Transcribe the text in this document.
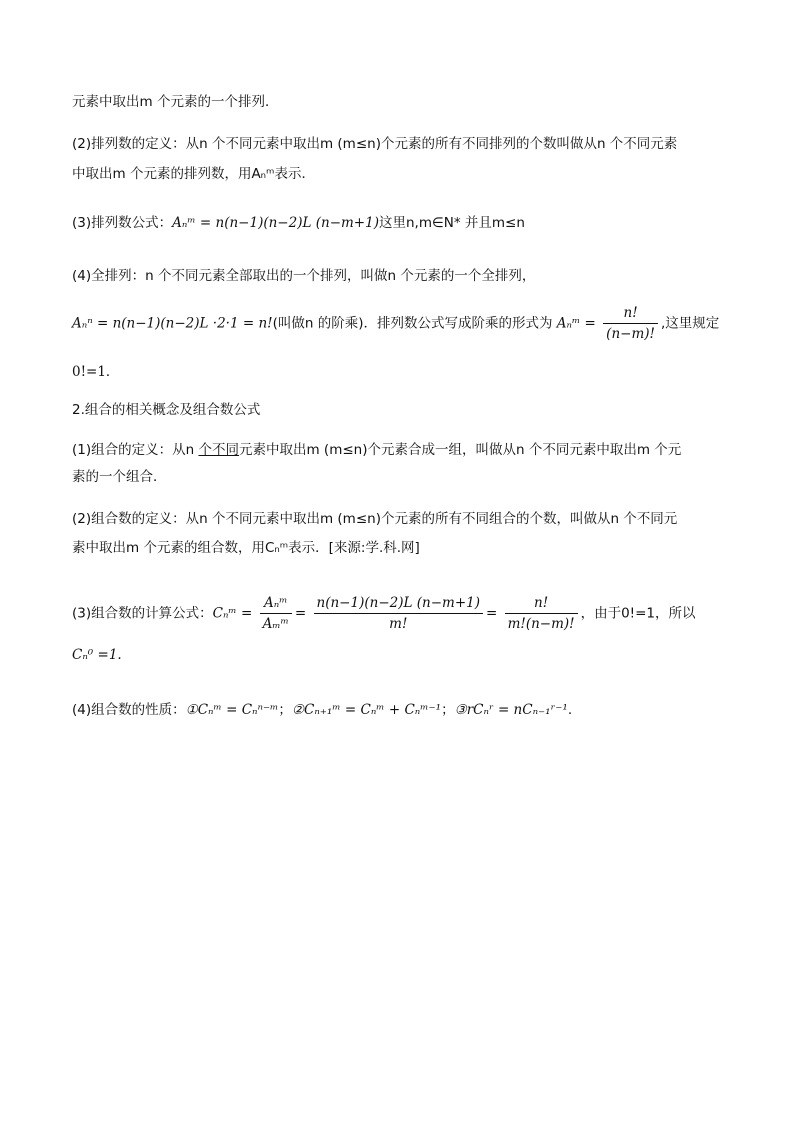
元素中取出m 个元素的一个排列．
(2)排列数的定义：从n 个不同元素中取出m (m≤n)个元素的所有不同排列的个数叫做从n 个不同元素
中取出m 个元素的排列数，用Aₙᵐ表示．
(3)排列数公式：Aₙᵐ = n(n−1)(n−2)L (n−m+1)这里n,m∈N* 并且m≤n
(4)全排列：n 个不同元素全部取出的一个排列，叫做n 个元素的一个全排列，
Aₙⁿ = n(n−1)(n−2)L ·2·1 = n!(叫做n 的阶乘)．排列数公式写成阶乘的形式为 Aₙᵐ = $\frac{n!}{(n-m)!}$ ,这里规定
0!=1．
2.组合的相关概念及组合数公式
(1)组合的定义：从n 个不同元素中取出m (m≤n)个元素合成一组，叫做从n 个不同元素中取出m 个元
素的一个组合．
(2)组合数的定义：从n 个不同元素中取出m (m≤n)个元素的所有不同组合的个数，叫做从n 个不同元
素中取出m 个元素的组合数，用Cₙᵐ表示．[来源:学.科.网]
(3)组合数的计算公式：Cₙᵐ = $\frac{\text{Aₙᵐ}}{\text{Aₘᵐ}} = \frac{n(n-1)(n-2)L (n-m+1)}{m!} = \frac{n!}{m!(n-m)!}$ ，由于0!=1，所以
Cₙ⁰ =1.
(4)组合数的性质：①Cₙᵐ = Cₙⁿ⁻ᵐ；②Cₙ₊₁ᵐ = Cₙᵐ + Cₙᵐ⁻¹；③rCₙʳ = nCₙ₋₁ʳ⁻¹.
